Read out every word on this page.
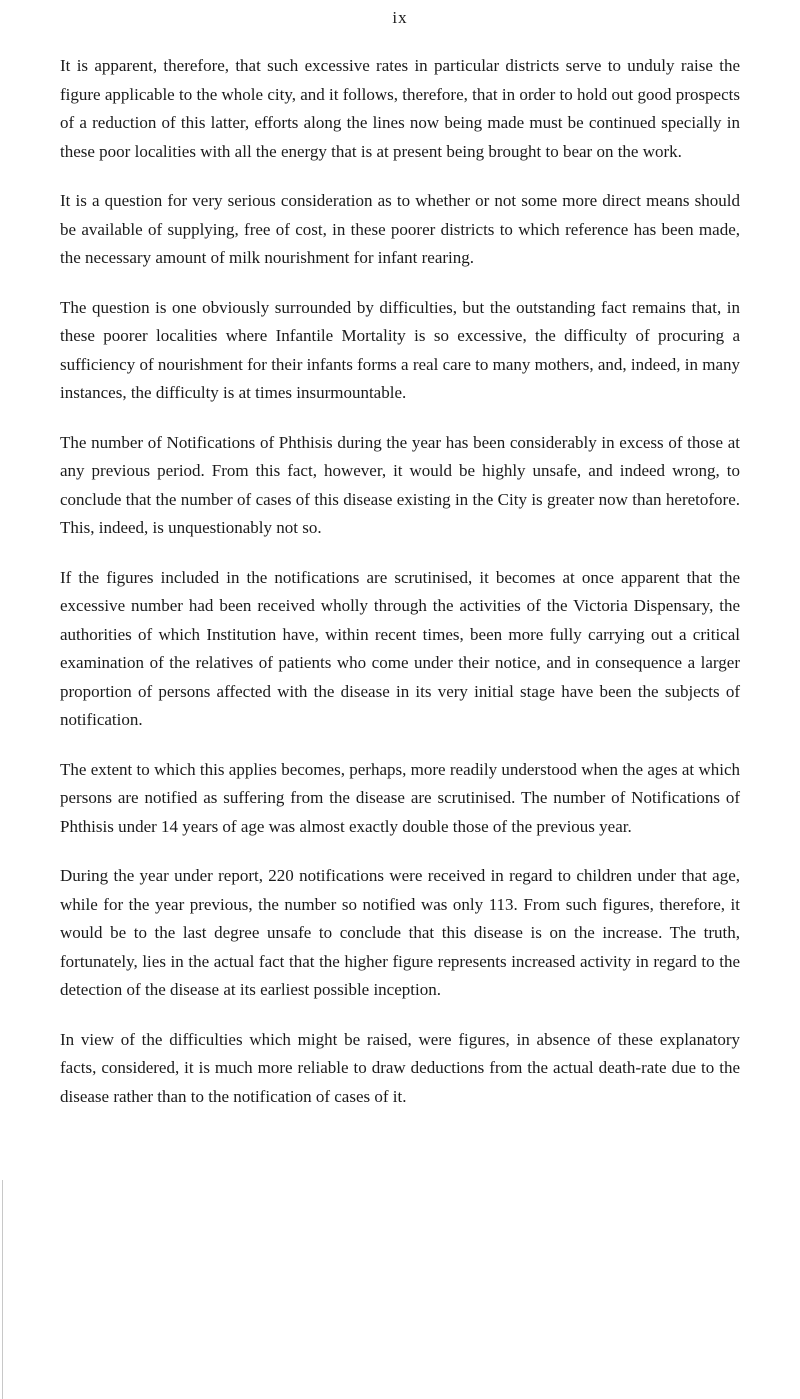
ix

It is apparent, therefore, that such excessive rates in particular districts serve to unduly raise the figure applicable to the whole city, and it follows, therefore, that in order to hold out good prospects of a reduction of this latter, efforts along the lines now being made must be continued specially in these poor localities with all the energy that is at present being brought to bear on the work.

It is a question for very serious consideration as to whether or not some more direct means should be available of supplying, free of cost, in these poorer districts to which reference has been made, the necessary amount of milk nourishment for infant rearing.

The question is one obviously surrounded by difficulties, but the outstanding fact remains that, in these poorer localities where Infantile Mortality is so excessive, the difficulty of procuring a sufficiency of nourishment for their infants forms a real care to many mothers, and, indeed, in many instances, the difficulty is at times insurmountable.

The number of Notifications of Phthisis during the year has been considerably in excess of those at any previous period. From this fact, however, it would be highly unsafe, and indeed wrong, to conclude that the number of cases of this disease existing in the City is greater now than heretofore. This, indeed, is unquestionably not so.

If the figures included in the notifications are scrutinised, it becomes at once apparent that the excessive number had been received wholly through the activities of the Victoria Dispensary, the authorities of which Institution have, within recent times, been more fully carrying out a critical examination of the relatives of patients who come under their notice, and in consequence a larger proportion of persons affected with the disease in its very initial stage have been the subjects of notification.

The extent to which this applies becomes, perhaps, more readily understood when the ages at which persons are notified as suffering from the disease are scrutinised. The number of Notifications of Phthisis under 14 years of age was almost exactly double those of the previous year.

During the year under report, 220 notifications were received in regard to children under that age, while for the year previous, the number so notified was only 113. From such figures, therefore, it would be to the last degree unsafe to conclude that this disease is on the increase. The truth, fortunately, lies in the actual fact that the higher figure represents increased activity in regard to the detection of the disease at its earliest possible inception.

In view of the difficulties which might be raised, were figures, in absence of these explanatory facts, considered, it is much more reliable to draw deductions from the actual death-rate due to the disease rather than to the notification of cases of it.
